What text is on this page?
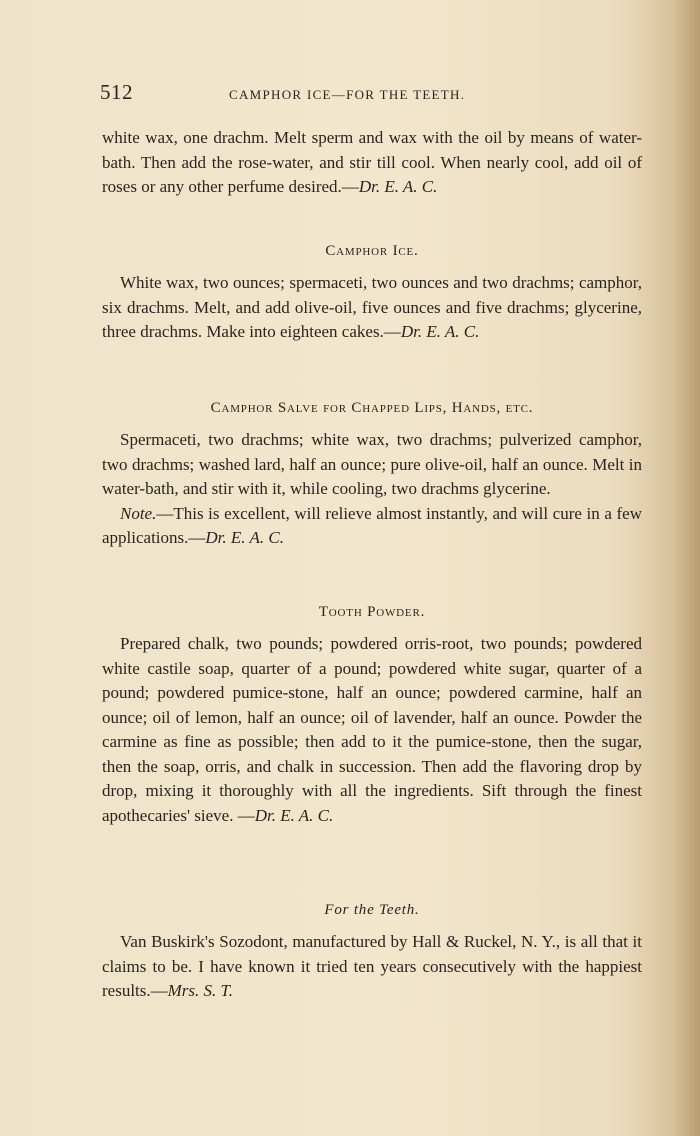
512	CAMPHOR ICE—FOR THE TEETH.

white wax, one drachm. Melt sperm and wax with the oil by means of water-bath. Then add the rose-water, and stir till cool. When nearly cool, add oil of roses or any other perfume desired.—Dr. E. A. C.

Camphor Ice.

White wax, two ounces; spermaceti, two ounces and two drachms; camphor, six drachms. Melt, and add olive-oil, five ounces and five drachms; glycerine, three drachms. Make into eighteen cakes.—Dr. E. A. C.

Camphor Salve for Chapped Lips, Hands, etc.

Spermaceti, two drachms; white wax, two drachms; pulverized camphor, two drachms; washed lard, half an ounce; pure olive-oil, half an ounce. Melt in water-bath, and stir with it, while cooling, two drachms glycerine.

Note.—This is excellent, will relieve almost instantly, and will cure in a few applications.—Dr. E. A. C.

Tooth Powder.

Prepared chalk, two pounds; powdered orris-root, two pounds; powdered white castile soap, quarter of a pound; powdered white sugar, quarter of a pound; powdered pumice-stone, half an ounce; powdered carmine, half an ounce; oil of lemon, half an ounce; oil of lavender, half an ounce. Powder the carmine as fine as possible; then add to it the pumice-stone, then the sugar, then the soap, orris, and chalk in succession. Then add the flavoring drop by drop, mixing it thoroughly with all the ingredients. Sift through the finest apothecaries' sieve. —Dr. E. A. C.

For the Teeth.

Van Buskirk's Sozodont, manufactured by Hall & Ruckel, N. Y., is all that it claims to be. I have known it tried ten years consecutively with the happiest results.—Mrs. S. T.
